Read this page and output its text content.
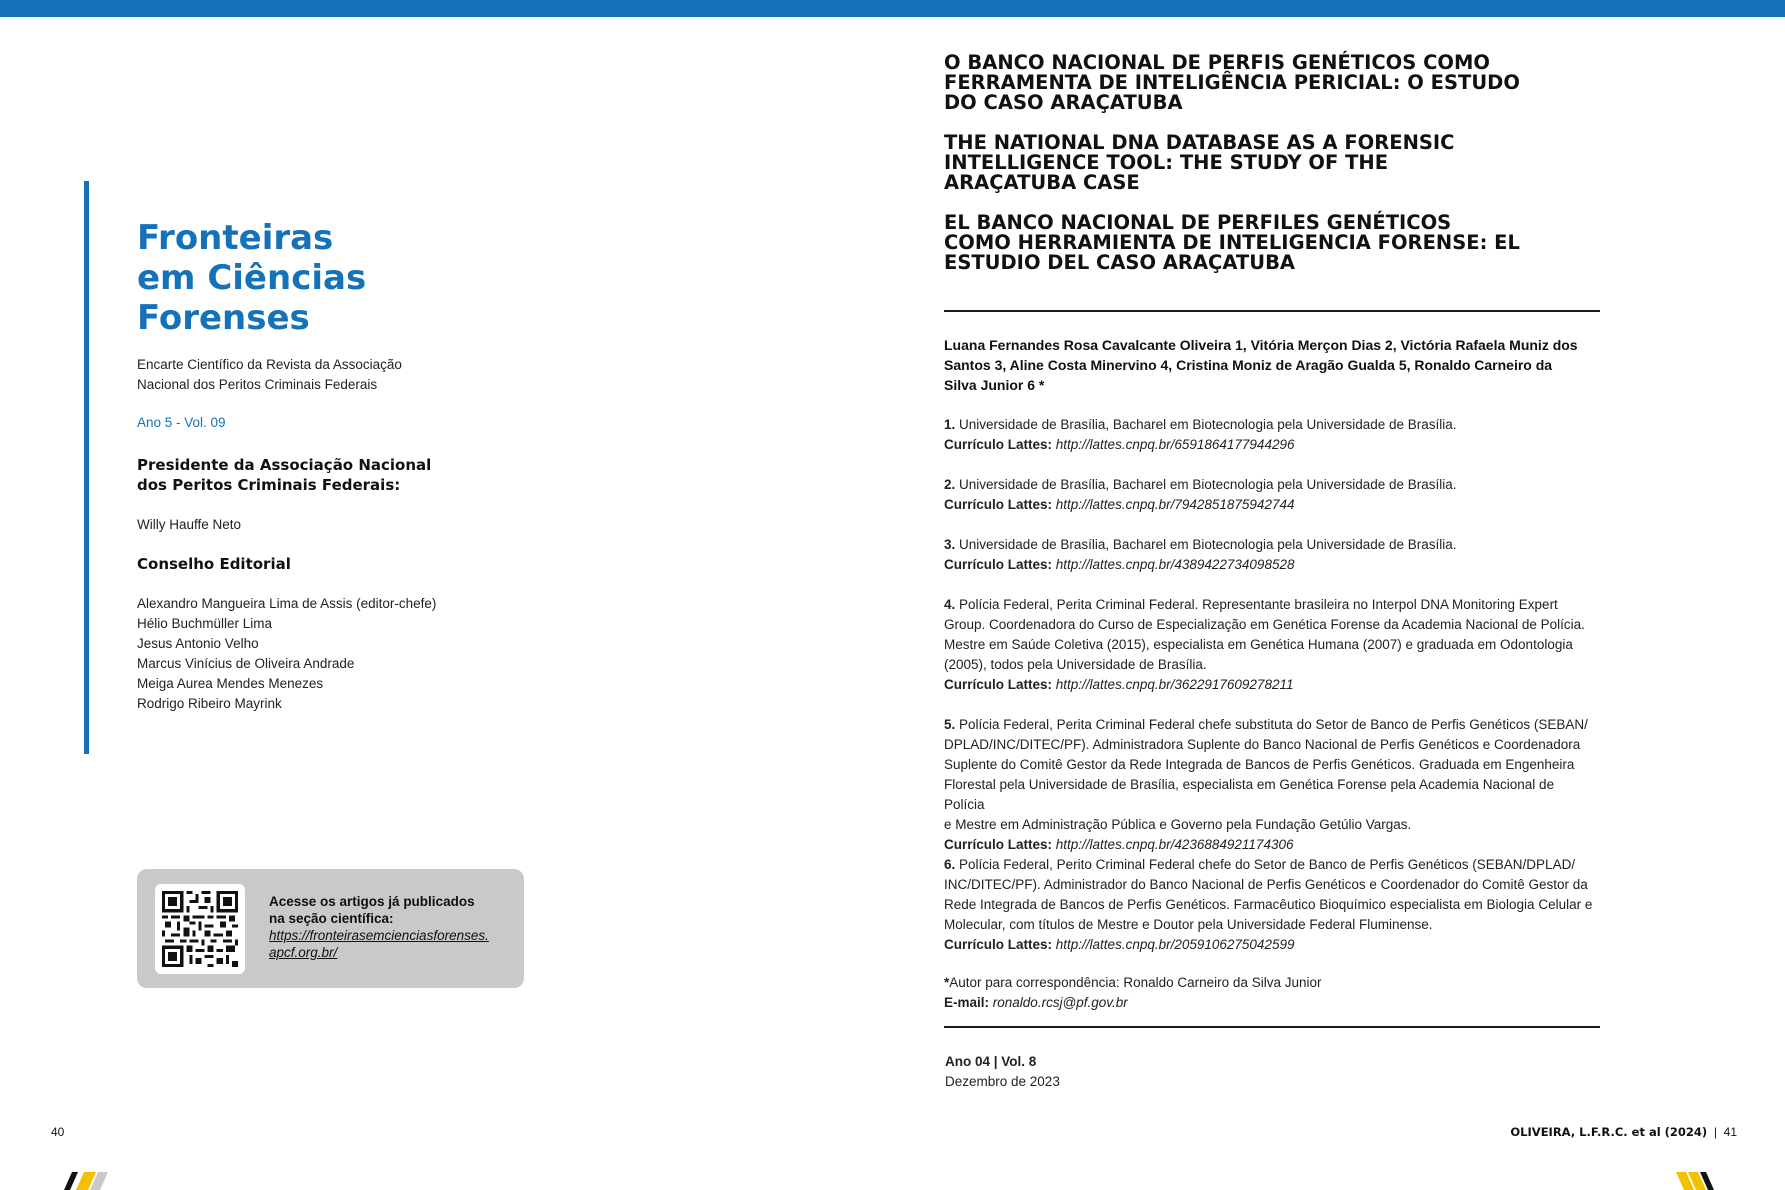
Fronteiras
em Ciências
Forenses
Encarte Científico da Revista da Associação
Nacional dos Peritos Criminais Federais
Ano 5 - Vol. 09
Presidente da Associação Nacional
dos Peritos Criminais Federais:
Willy Hauffe Neto
Conselho Editorial
Alexandro Mangueira Lima de Assis (editor-chefe)
Hélio Buchmüller Lima
Jesus Antonio Velho
Marcus Vinícius de Oliveira Andrade
Meiga Aurea Mendes Menezes
Rodrigo Ribeiro Mayrink
Acesse os artigos já publicados
na seção científica:
https://fronteirasemcienciasforenses.
apcf.org.br/
40
O BANCO NACIONAL DE PERFIS GENÉTICOS COMO
FERRAMENTA DE INTELIGÊNCIA PERICIAL: O ESTUDO
DO CASO ARAÇATUBA
THE NATIONAL DNA DATABASE AS A FORENSIC
INTELLIGENCE TOOL: THE STUDY OF THE
ARAÇATUBA CASE
EL BANCO NACIONAL DE PERFILES GENÉTICOS
COMO HERRAMIENTA DE INTELIGENCIA FORENSE: EL
ESTUDIO DEL CASO ARAÇATUBA
Luana Fernandes Rosa Cavalcante Oliveira 1, Vitória Merçon Dias 2, Victória Rafaela Muniz dos
Santos 3, Aline Costa Minervino 4, Cristina Moniz de Aragão Gualda 5, Ronaldo Carneiro da
Silva Junior 6 *
1. Universidade de Brasília, Bacharel em Biotecnologia pela Universidade de Brasília.
Currículo Lattes: http://lattes.cnpq.br/6591864177944296
2. Universidade de Brasília, Bacharel em Biotecnologia pela Universidade de Brasília.
Currículo Lattes: http://lattes.cnpq.br/7942851875942744
3. Universidade de Brasília, Bacharel em Biotecnologia pela Universidade de Brasília.
Currículo Lattes: http://lattes.cnpq.br/4389422734098528
4. Polícia Federal, Perita Criminal Federal. Representante brasileira no Interpol DNA Monitoring Expert
Group. Coordenadora do Curso de Especialização em Genética Forense da Academia Nacional de Polícia.
Mestre em Saúde Coletiva (2015), especialista em Genética Humana (2007) e graduada em Odontologia
(2005), todos pela Universidade de Brasília.
Currículo Lattes: http://lattes.cnpq.br/3622917609278211
5. Polícia Federal, Perita Criminal Federal chefe substituta do Setor de Banco de Perfis Genéticos (SEBAN/
DPLAD/INC/DITEC/PF). Administradora Suplente do Banco Nacional de Perfis Genéticos e Coordenadora
Suplente do Comitê Gestor da Rede Integrada de Bancos de Perfis Genéticos. Graduada em Engenheira
Florestal pela Universidade de Brasília, especialista em Genética Forense pela Academia Nacional de Polícia
e Mestre em Administração Pública e Governo pela Fundação Getúlio Vargas.
Currículo Lattes: http://lattes.cnpq.br/4236884921174306
6. Polícia Federal, Perito Criminal Federal chefe do Setor de Banco de Perfis Genéticos (SEBAN/DPLAD/
INC/DITEC/PF). Administrador do Banco Nacional de Perfis Genéticos e Coordenador do Comitê Gestor da
Rede Integrada de Bancos de Perfis Genéticos. Farmacêutico Bioquímico especialista em Biologia Celular e
Molecular, com títulos de Mestre e Doutor pela Universidade Federal Fluminense.
Currículo Lattes: http://lattes.cnpq.br/2059106275042599
*Autor para correspondência: Ronaldo Carneiro da Silva Junior
E-mail: ronaldo.rcsj@pf.gov.br
Ano 04 | Vol. 8
Dezembro de 2023
OLIVEIRA, L.F.R.C. et al (2024) | 41
